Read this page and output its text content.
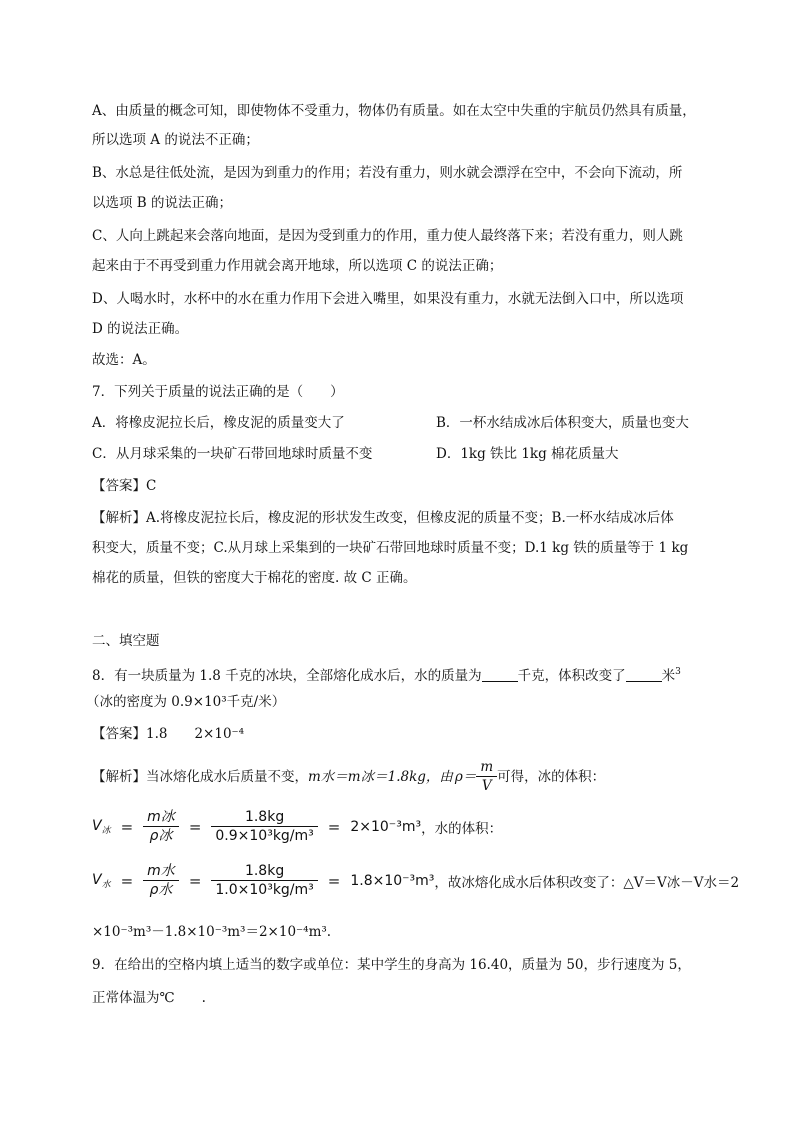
A、由质量的概念可知，即使物体不受重力，物体仍有质量。如在太空中失重的宇航员仍然具有质量，
所以选项 A 的说法不正确；
B、水总是往低处流，是因为到重力的作用；若没有重力，则水就会漂浮在空中，不会向下流动，所
以选项 B 的说法正确；
C、人向上跳起来会落向地面，是因为受到重力的作用，重力使人最终落下来；若没有重力，则人跳
起来由于不再受到重力作用就会离开地球，所以选项 C 的说法正确；
D、人喝水时，水杯中的水在重力作用下会进入嘴里，如果没有重力，水就无法倒入口中，所以选项
D 的说法正确。
故选：A。
7．下列关于质量的说法正确的是（　　）
A．将橡皮泥拉长后，橡皮泥的质量变大了	B．一杯水结成冰后体积变大，质量也变大
C．从月球采集的一块矿石带回地球时质量不变	D．1kg 铁比 1kg 棉花质量大
【答案】C
【解析】A.将橡皮泥拉长后，橡皮泥的形状发生改变，但橡皮泥的质量不变；B.一杯水结成冰后体
积变大，质量不变；C.从月球上采集到的一块矿石带回地球时质量不变；D.1 kg 铁的质量等于 1 kg
棉花的质量，但铁的密度大于棉花的密度. 故 C 正确。
二、填空题
8．有一块质量为 1.8 千克的冰块，全部熔化成水后，水的质量为	千克，体积改变了	米$^3$
（冰的密度为 0.9×10³千克/米）
【答案】1.8　　2×10⁻⁴
【解析】 当冰熔化成水后质量不变， m水＝m冰＝1.8kg，由 $\rho= \frac{m}{V}$ 可得，冰的体积：
$V_冰 = \frac{\text{m冰}}{\text{ρ冰}} = \frac{1.8kg}{\text{0.9×10³kg/m³}} = 2\times 10^{-3}m^3$ ，水的体积：
$V_水 = \frac{\text{m水}}{\text{ρ水}} = \frac{1.8kg}{\text{1.0×10³kg/m³}} = 1.8\times 10^{-3}m^3$ ，故冰熔化成水后体积改变了：△V＝V冰－V水＝2
×10⁻³m³－1.8×10⁻³m³＝2×10⁻⁴m³.
9．在给出的空格内填上适当的数字或单位：某中学生的身高为 16.40，质量为 50，步行速度为 5，
正常体温为℃　　.
